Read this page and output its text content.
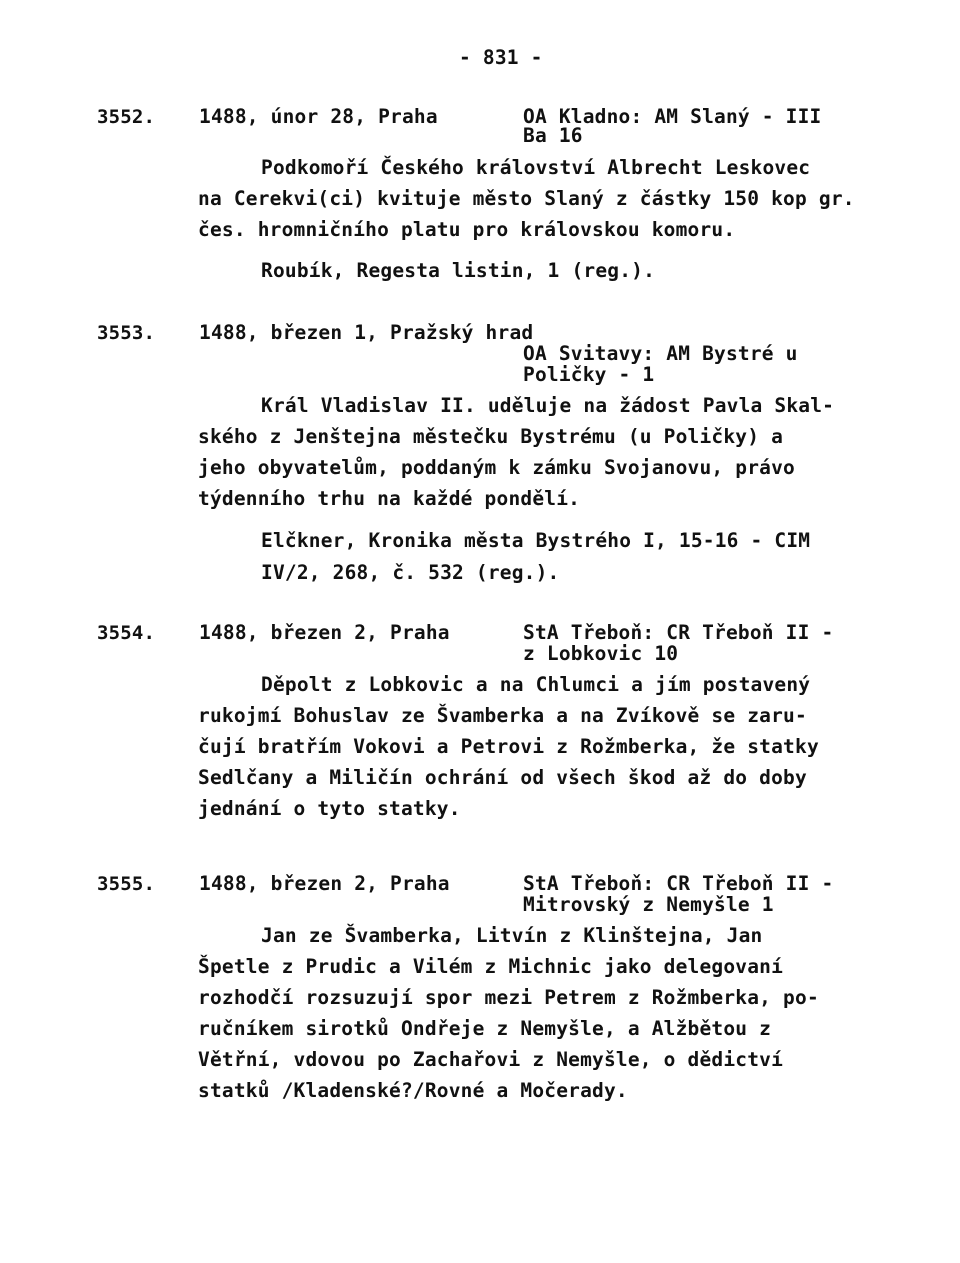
- 831 -
3552. 1488, únor 28, Praha	OA Kladno: AM Slaný - III
Ba 16
Podkomoří Českého království Albrecht Leskovec
na Cerekvi(ci) kvituje město Slaný z částky 150 kop gr.
čes. hromničního platu pro královskou komoru.
Roubík, Regesta listin, 1 (reg.).
3553. 1488, březen 1, Pražský hrad
OA Svitavy: AM Bystré u
Poličky - 1
Král Vladislav II. uděluje na žádost Pavla Skal-
ského z Jenštejna městečku Bystrému (u Poličky) a
jeho obyvatelům, poddaným k zámku Svojanovu, právo
týdenního trhu na každé pondělí.
Elčkner, Kronika města Bystrého I, 15-16 - CIM
IV/2, 268, č. 532 (reg.).
3554. 1488, březen 2, Praha	StA Třeboň: CR Třeboň II -
z Lobkovic 10
Děpolt z Lobkovic a na Chlumci a jím postavený
rukojmí Bohuslav ze Švamberka a na Zvíkově se zaru-
čují bratřím Vokovi a Petrovi z Rožmberka, že statky
Sedlčany a Miličín ochrání od všech škod až do doby
jednání o tyto statky.
3555. 1488, březen 2, Praha	StA Třeboň: CR Třeboň II -
Mitrovský z Nemyšle 1
Jan ze Švamberka, Litvín z Klinštejna, Jan
Špetle z Prudic a Vilém z Michnic jako delegovaní
rozhodčí rozsuzují spor mezi Petrem z Rožmberka, po-
ručníkem sirotků Ondřeje z Nemyšle, a Alžbětou z
Větřní, vdovou po Zachařovi z Nemyšle, o dědictví
statků /Kladenské?/Rovné a Močerady.
